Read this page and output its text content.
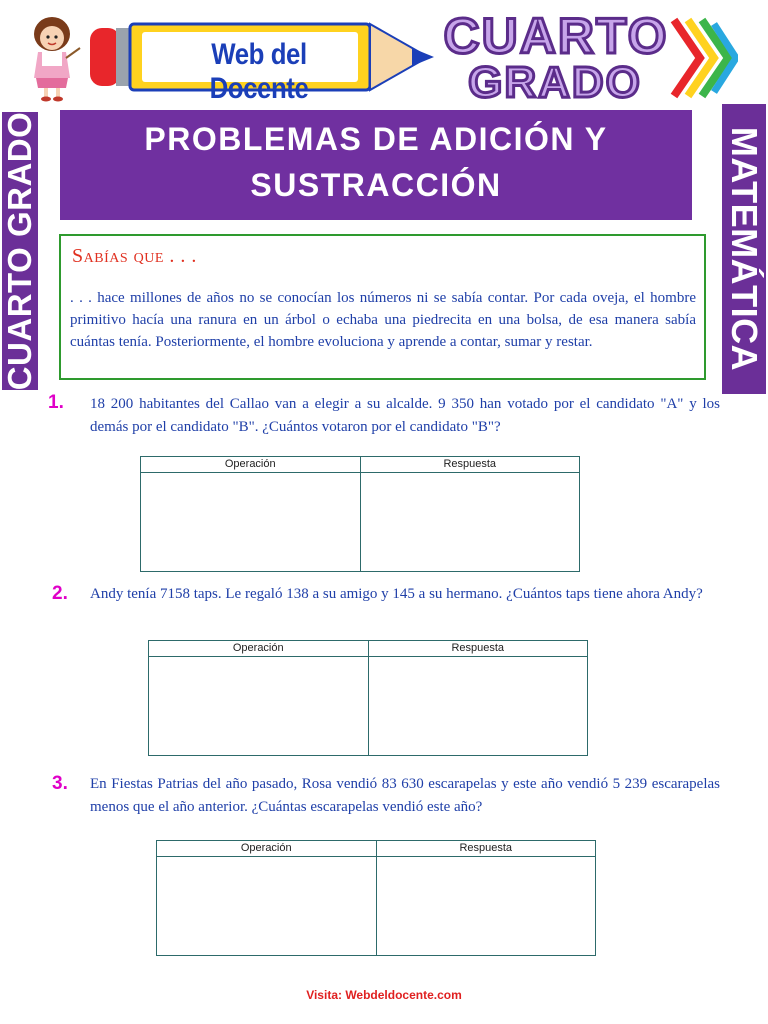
Web del Docente
CUARTO
GRADO
CUARTO GRADO	MATEMÁTICA
PROBLEMAS DE ADICIÓN Y
SUSTRACCIÓN
Sabías que . . .
. . . hace millones de años no se conocían los números ni se sabía contar. Por cada oveja, el hombre primitivo hacía una ranura en un árbol o echaba una piedrecita en una bolsa, de esa manera sabía cuántas tenía. Posteriormente, el hombre evoluciona y aprende a contar, sumar y restar.
1. 18 200 habitantes del Callao van a elegir a su alcalde. 9 350 han votado por el candidato "A" y los demás por el candidato "B". ¿Cuántos votaron por el candidato "B"?
Operación	Respuesta

2. Andy tenía 7158 taps. Le regaló 138 a su amigo y 145 a su hermano. ¿Cuántos taps tiene ahora Andy?
Operación	Respuesta

3. En Fiestas Patrias del año pasado, Rosa vendió 83 630 escarapelas y este año vendió 5 239 escarapelas menos que el año anterior. ¿Cuántas escarapelas vendió este año?
Operación	Respuesta

Visita: Webdeldocente.com
